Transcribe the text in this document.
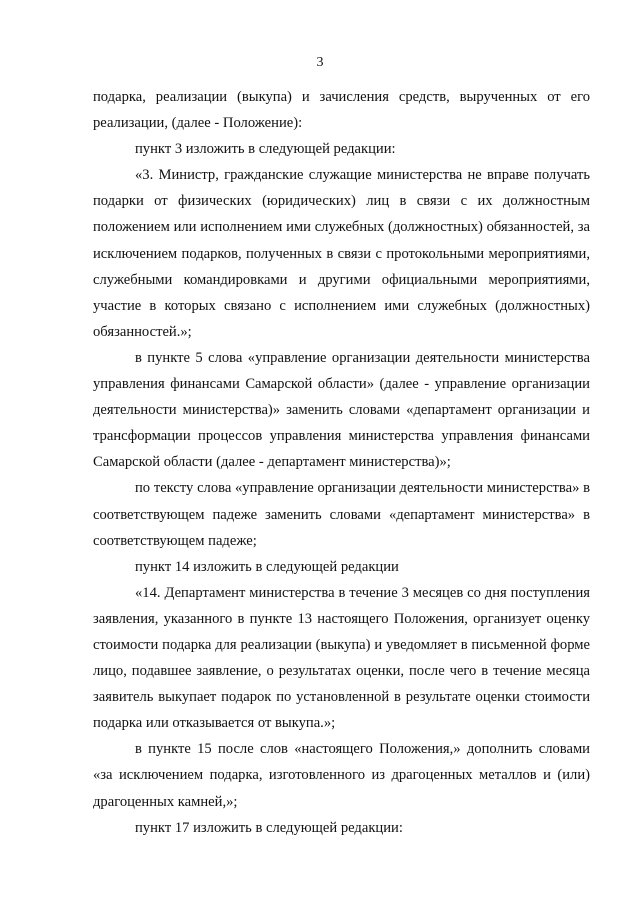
3

подарка, реализации (выкупа) и зачисления средств, вырученных от его реализации, (далее - Положение):

пункт 3 изложить в следующей редакции:

«3. Министр, гражданские служащие министерства не вправе получать подарки от физических (юридических) лиц в связи с их должностным положением или исполнением ими служебных (должностных) обязанностей, за исключением подарков, полученных в связи с протокольными мероприятиями, служебными командировками и другими официальными мероприятиями, участие в которых связано с исполнением ими служебных (должностных) обязанностей.»;

в пункте 5 слова «управление организации деятельности министерства управления финансами Самарской области» (далее - управление организации деятельности министерства)» заменить словами «департамент организации и трансформации процессов управления министерства управления финансами Самарской области (далее - департамент министерства)»;

по тексту слова «управление организации деятельности министерства» в соответствующем падеже заменить словами «департамент министерства» в соответствующем падеже;

пункт 14 изложить в следующей редакции

«14. Департамент министерства в течение 3 месяцев со дня поступления заявления, указанного в пункте 13 настоящего Положения, организует оценку стоимости подарка для реализации (выкупа) и уведомляет в письменной форме лицо, подавшее заявление, о результатах оценки, после чего в течение месяца заявитель выкупает подарок по установленной в результате оценки стоимости подарка или отказывается от выкупа.»;

в пункте 15 после слов «настоящего Положения,» дополнить словами «за исключением подарка, изготовленного из драгоценных металлов и (или) драгоценных камней,»;

пункт 17 изложить в следующей редакции:
